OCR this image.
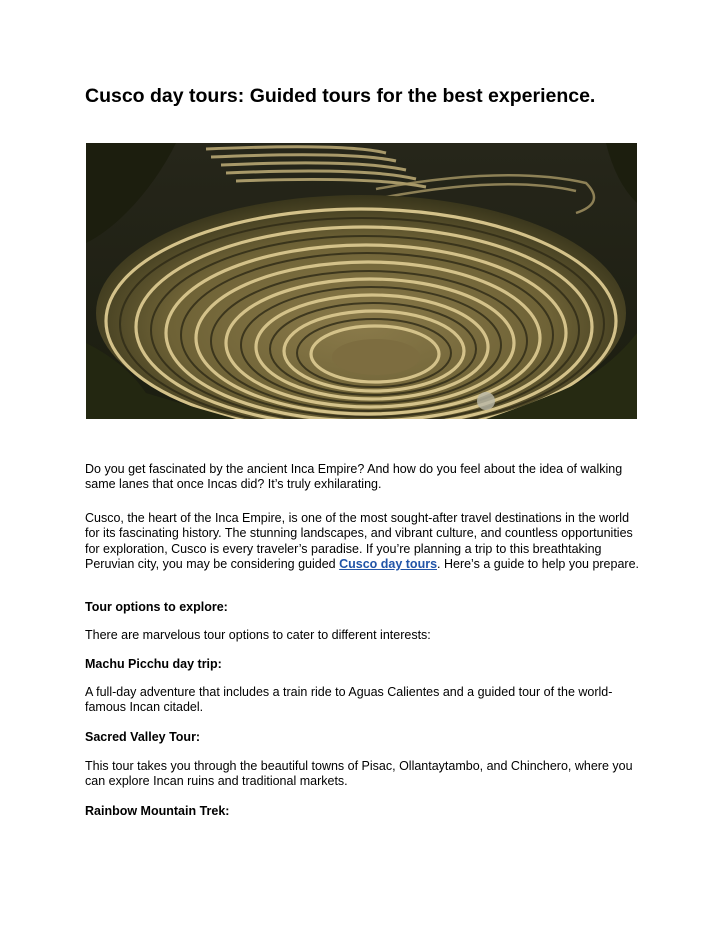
Cusco day tours: Guided tours for the best experience.

Do you get fascinated by the ancient Inca Empire? And how do you feel about the idea of walking same lanes that once Incas did? It’s truly exhilarating.

Cusco, the heart of the Inca Empire, is one of the most sought-after travel destinations in the world for its fascinating history. The stunning landscapes, and vibrant culture, and countless opportunities for exploration, Cusco is every traveler’s paradise. If you’re planning a trip to this breathtaking Peruvian city, you may be considering guided Cusco day tours. Here’s a guide to help you prepare.

Tour options to explore:

There are marvelous tour options to cater to different interests:

Machu Picchu day trip:

A full-day adventure that includes a train ride to Aguas Calientes and a guided tour of the world-famous Incan citadel.

Sacred Valley Tour:

This tour takes you through the beautiful towns of Pisac, Ollantaytambo, and Chinchero, where you can explore Incan ruins and traditional markets.

Rainbow Mountain Trek:
